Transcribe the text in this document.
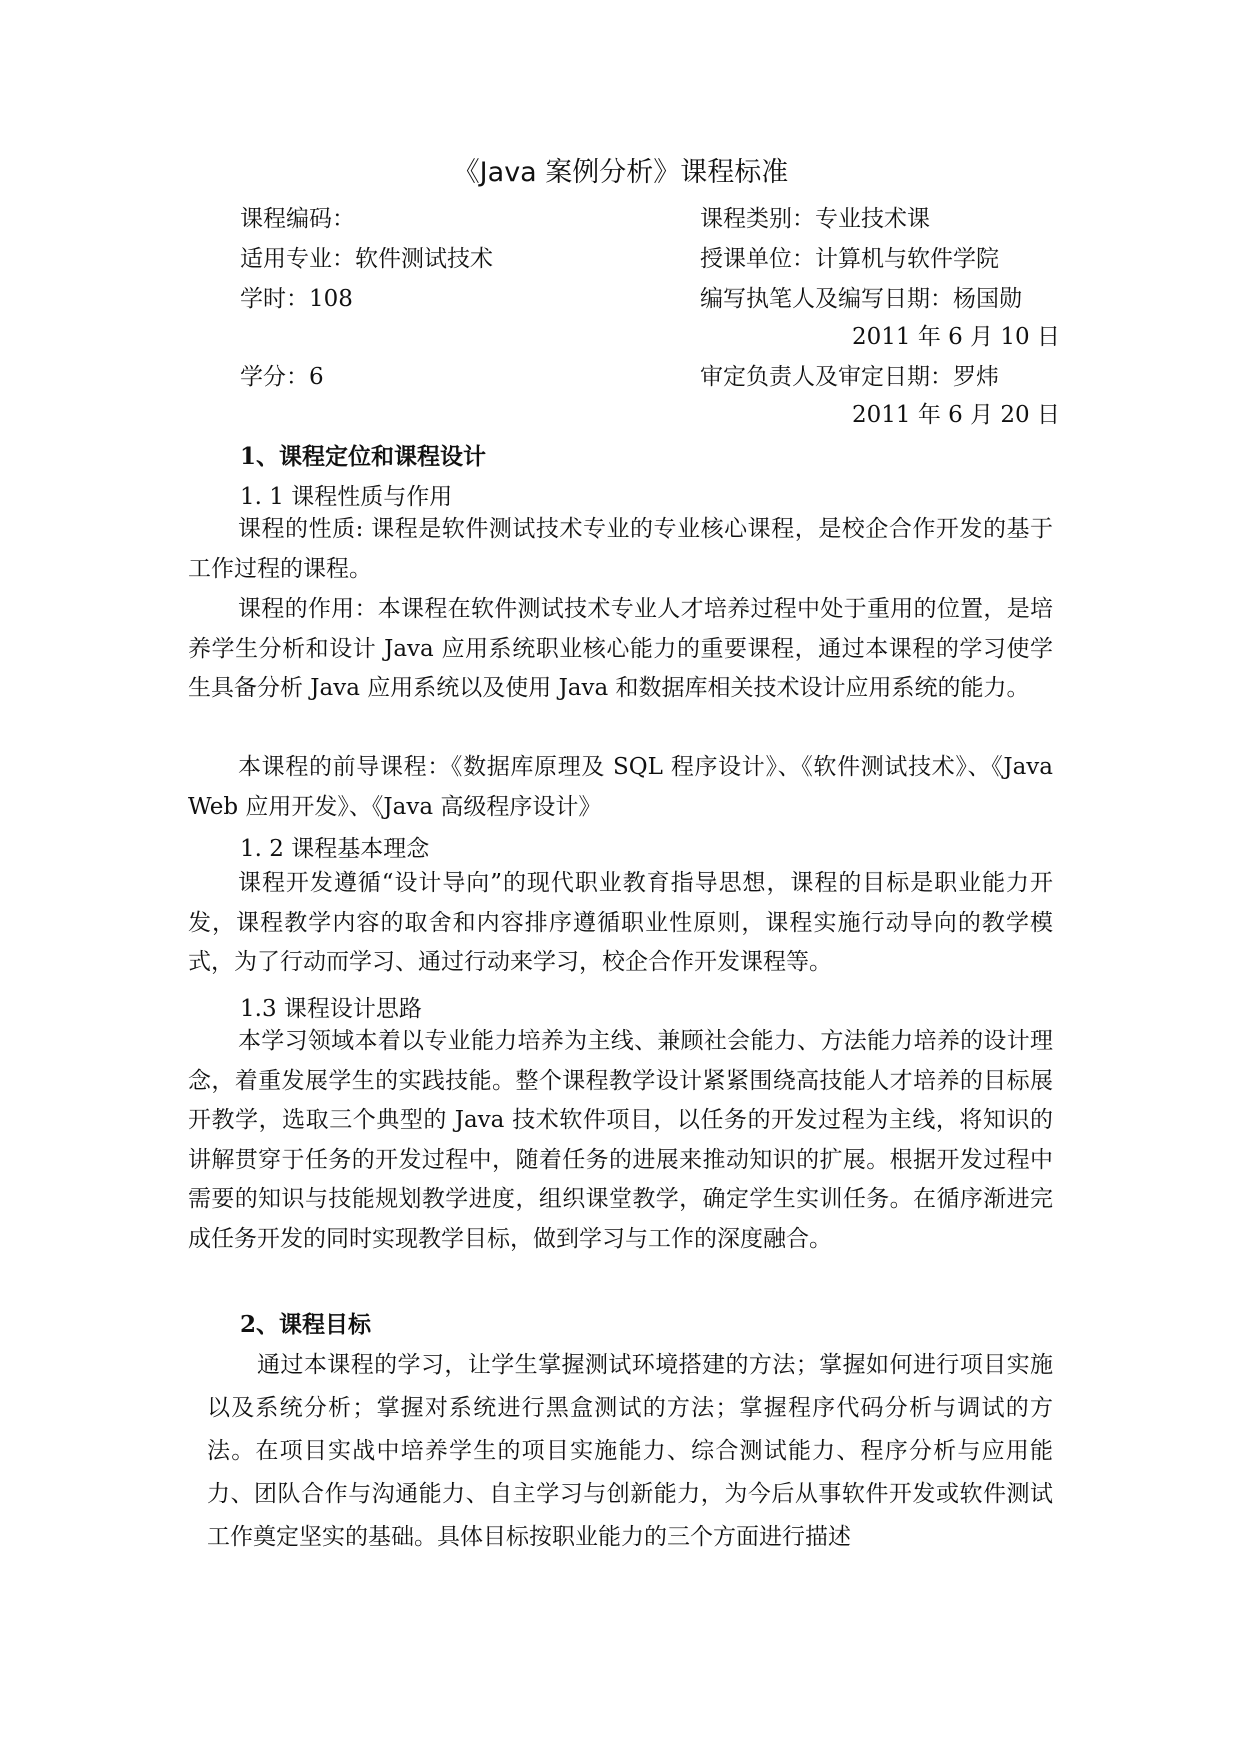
《Java 案例分析》课程标准
课程编码：	课程类别：专业技术课
适用专业：软件测试技术	授课单位：计算机与软件学院
学时：108	编写执笔人及编写日期：杨国勋
2011 年 6 月 10 日
学分：6	审定负责人及审定日期：罗炜
2011 年 6 月 20 日
1、课程定位和课程设计
1. 1 课程性质与作用
课程的性质: 课程是软件测试技术专业的专业核心课程，是校企合作开发的基于工作过程的课程。
课程的作用：本课程在软件测试技术专业人才培养过程中处于重用的位置，是培养学生分析和设计 Java 应用系统职业核心能力的重要课程，通过本课程的学习使学生具备分析 Java 应用系统以及使用 Java 和数据库相关技术设计应用系统的能力。
本课程的前导课程：《数据库原理及 SQL 程序设计》、《软件测试技术》、《Java Web 应用开发》、《Java 高级程序设计》
1. 2 课程基本理念
课程开发遵循“设计导向”的现代职业教育指导思想，课程的目标是职业能力开发，课程教学内容的取舍和内容排序遵循职业性原则，课程实施行动导向的教学模式，为了行动而学习、通过行动来学习，校企合作开发课程等。
1.3 课程设计思路
本学习领域本着以专业能力培养为主线、兼顾社会能力、方法能力培养的设计理念，着重发展学生的实践技能。整个课程教学设计紧紧围绕高技能人才培养的目标展开教学，选取三个典型的 Java 技术软件项目，以任务的开发过程为主线，将知识的讲解贯穿于任务的开发过程中，随着任务的进展来推动知识的扩展。根据开发过程中需要的知识与技能规划教学进度，组织课堂教学，确定学生实训任务。在循序渐进完成任务开发的同时实现教学目标，做到学习与工作的深度融合。
2、课程目标
通过本课程的学习，让学生掌握测试环境搭建的方法；掌握如何进行项目实施以及系统分析；掌握对系统进行黑盒测试的方法；掌握程序代码分析与调试的方法。在项目实战中培养学生的项目实施能力、综合测试能力、程序分析与应用能力、团队合作与沟通能力、自主学习与创新能力，为今后从事软件开发或软件测试工作奠定坚实的基础。具体目标按职业能力的三个方面进行描述
